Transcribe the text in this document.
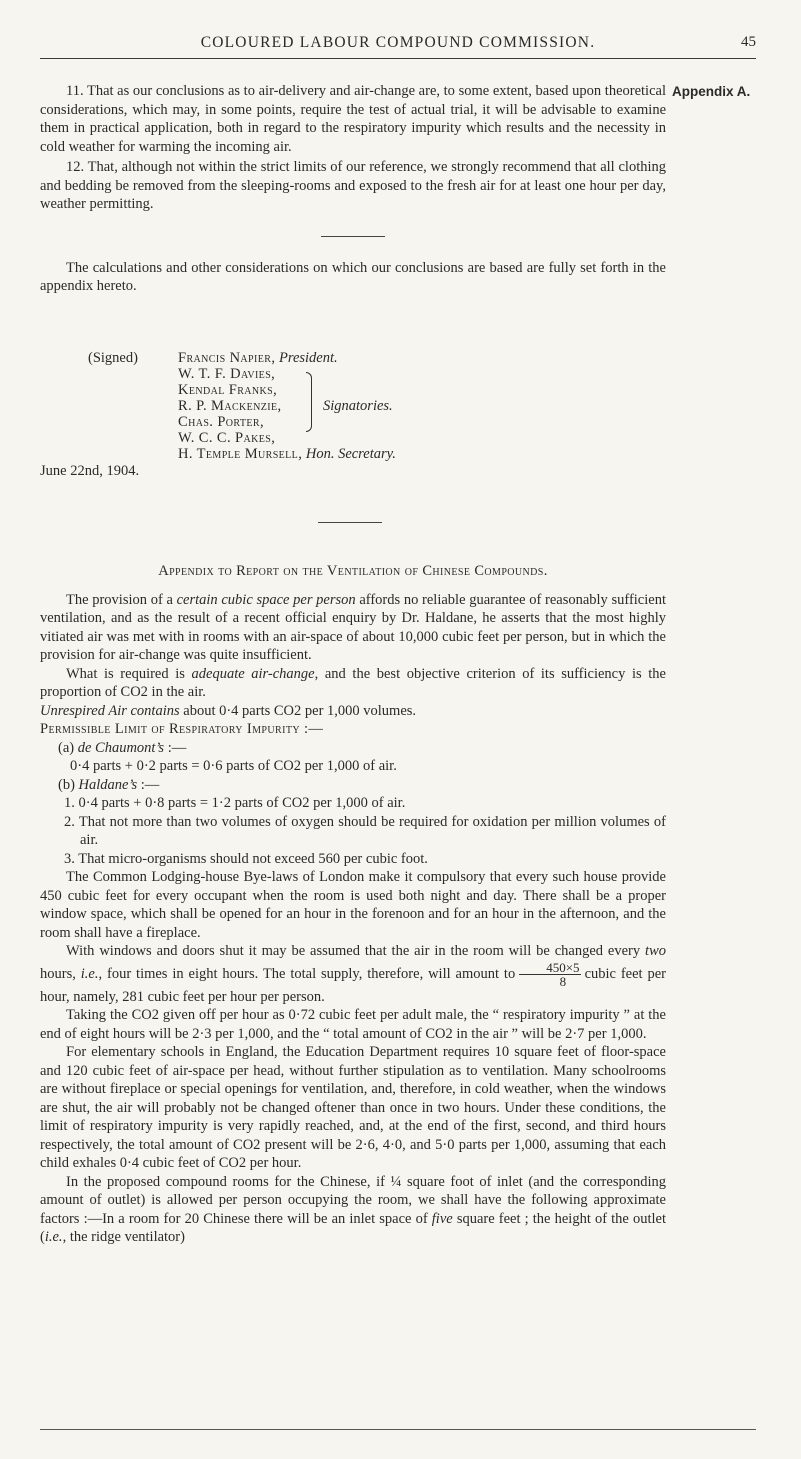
COLOURED LABOUR COMPOUND COMMISSION.	45
Appendix A.

11. That as our conclusions as to air-delivery and air-change are, to some extent, based upon theoretical considerations, which may, in some points, require the test of actual trial, it will be advisable to examine them in practical application, both in regard to the respiratory impurity which results and the necessity in cold weather for warming the incoming air.

12. That, although not within the strict limits of our reference, we strongly recommend that all clothing and bedding be removed from the sleeping-rooms and exposed to the fresh air for at least one hour per day, weather permitting.

The calculations and other considerations on which our conclusions are based are fully set forth in the appendix hereto.

(Signed)	Francis Napier, President.
W. T. F. Davies,
Kendal Franks,
R. P. Mackenzie,
Chas. Porter,
W. C. C. Pakes,
Signatories.
H. Temple Mursell, Hon. Secretary.
June 22nd, 1904.

Appendix to Report on the Ventilation of Chinese Compounds.

The provision of a certain cubic space per person affords no reliable guarantee of reasonably sufficient ventilation, and as the result of a recent official enquiry by Dr. Haldane, he asserts that the most highly vitiated air was met with in rooms with an air-space of about 10,000 cubic feet per person, but in which the provision for air-change was quite insufficient.

What is required is adequate air-change, and the best objective criterion of its sufficiency is the proportion of CO2 in the air.

Unrespired Air contains about 0·4 parts CO2 per 1,000 volumes.

Permissible Limit of Respiratory Impurity :—

(a) de Chaumont’s :—

0·4 parts + 0·2 parts = 0·6 parts of CO2 per 1,000 of air.

(b) Haldane’s :—

1. 0·4 parts + 0·8 parts = 1·2 parts of CO2 per 1,000 of air.

2. That not more than two volumes of oxygen should be required for oxidation per million volumes of air.

3. That micro-organisms should not exceed 560 per cubic foot.

The Common Lodging-house Bye-laws of London make it compulsory that every such house provide 450 cubic feet for every occupant when the room is used both night and day. There shall be a proper window space, which shall be opened for an hour in the forenoon and for an hour in the afternoon, and the room shall have a fireplace.

With windows and doors shut it may be assumed that the air in the room will be changed every two hours, i.e., four times in eight hours. The total supply, therefore, will amount to $\frac{450\times 5}{8}$ cubic feet per hour, namely, 281 cubic feet per hour per person.

Taking the CO2 given off per hour as 0·72 cubic feet per adult male, the “ respiratory impurity ” at the end of eight hours will be 2·3 per 1,000, and the “ total amount of CO2 in the air ” will be 2·7 per 1,000.

For elementary schools in England, the Education Department requires 10 square feet of floor-space and 120 cubic feet of air-space per head, without further stipulation as to ventilation. Many schoolrooms are without fireplace or special openings for ventilation, and, therefore, in cold weather, when the windows are shut, the air will probably not be changed oftener than once in two hours. Under these conditions, the limit of respiratory impurity is very rapidly reached, and, at the end of the first, second, and third hours respectively, the total amount of CO2 present will be 2·6, 4·0, and 5·0 parts per 1,000, assuming that each child exhales 0·4 cubic feet of CO2 per hour.

In the proposed compound rooms for the Chinese, if ¼ square foot of inlet (and the corresponding amount of outlet) is allowed per person occupying the room, we shall have the following approximate factors :—In a room for 20 Chinese there will be an inlet space of five square feet ; the height of the outlet (i.e., the ridge ventilator)
